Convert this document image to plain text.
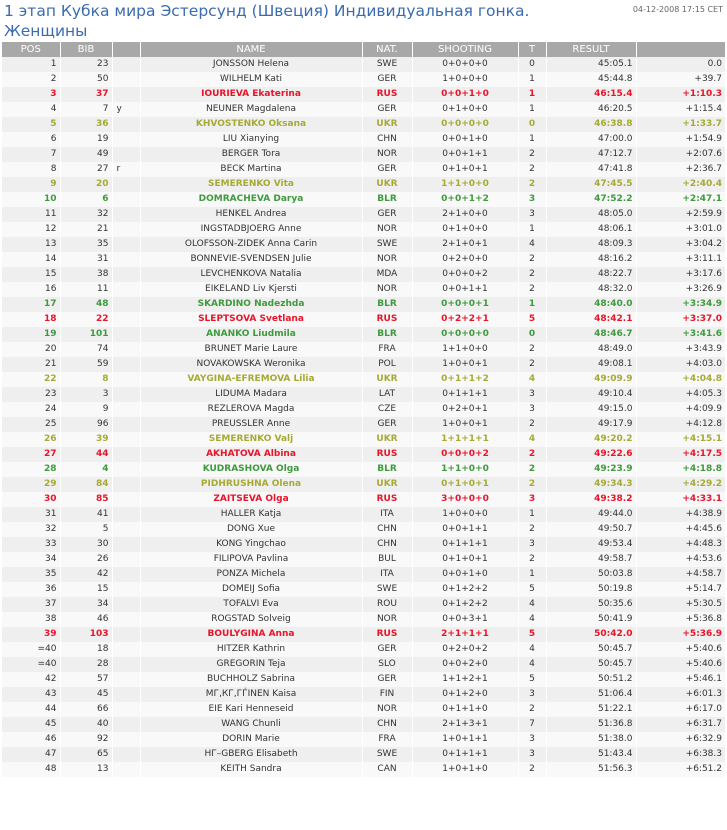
1 этап Кубка мира Эстерсунд (Швеция) Индивидуальная гонка. Женщины
04-12-2008 17:15 CET
POS	BIB		NAME	NAT.	SHOOTING	T	RESULT	
1	23		JONSSON Helena	SWE	0+0+0+0	0	45:05.1	0.0
2	50		WILHELM Kati	GER	1+0+0+0	1	45:44.8	+39.7
3	37		IOURIEVA Ekaterina	RUS	0+0+1+0	1	46:15.4	+1:10.3
4	7	y	NEUNER Magdalena	GER	0+1+0+0	1	46:20.5	+1:15.4
5	36		KHVOSTENKO Oksana	UKR	0+0+0+0	0	46:38.8	+1:33.7
6	19		LIU Xianying	CHN	0+0+1+0	1	47:00.0	+1:54.9
7	49		BERGER Tora	NOR	0+0+1+1	2	47:12.7	+2:07.6
8	27	r	BECK Martina	GER	0+1+0+1	2	47:41.8	+2:36.7
9	20		SEMERENKO Vita	UKR	1+1+0+0	2	47:45.5	+2:40.4
10	6		DOMRACHEVA Darya	BLR	0+0+1+2	3	47:52.2	+2:47.1
11	32		HENKEL Andrea	GER	2+1+0+0	3	48:05.0	+2:59.9
12	21		INGSTADBJOERG Anne	NOR	0+1+0+0	1	48:06.1	+3:01.0
13	35		OLOFSSON-ZIDEK Anna Carin	SWE	2+1+0+1	4	48:09.3	+3:04.2
14	31		BONNEVIE-SVENDSEN Julie	NOR	0+2+0+0	2	48:16.2	+3:11.1
15	38		LEVCHENKOVA Natalia	MDA	0+0+0+2	2	48:22.7	+3:17.6
16	11		EIKELAND Liv Kjersti	NOR	0+0+1+1	2	48:32.0	+3:26.9
17	48		SKARDINO Nadezhda	BLR	0+0+0+1	1	48:40.0	+3:34.9
18	22		SLEPTSOVA Svetlana	RUS	0+2+2+1	5	48:42.1	+3:37.0
19	101		ANANKO Liudmila	BLR	0+0+0+0	0	48:46.7	+3:41.6
20	74		BRUNET Marie Laure	FRA	1+1+0+0	2	48:49.0	+3:43.9
21	59		NOVAKOWSKA Weronika	POL	1+0+0+1	2	49:08.1	+4:03.0
22	8		VAYGINA-EFREMOVA Lilia	UKR	0+1+1+2	4	49:09.9	+4:04.8
23	3		LIDUMA Madara	LAT	0+1+1+1	3	49:10.4	+4:05.3
24	9		REZLEROVA Magda	CZE	0+2+0+1	3	49:15.0	+4:09.9
25	96		PREUSSLER Anne	GER	1+0+0+1	2	49:17.9	+4:12.8
26	39		SEMERENKO Valj	UKR	1+1+1+1	4	49:20.2	+4:15.1
27	44		AKHATOVA Albina	RUS	0+0+0+2	2	49:22.6	+4:17.5
28	4		KUDRASHOVA Olga	BLR	1+1+0+0	2	49:23.9	+4:18.8
29	84		PIDHRUSHNA Olena	UKR	0+1+0+1	2	49:34.3	+4:29.2
30	85		ZAITSEVA Olga	RUS	3+0+0+0	3	49:38.2	+4:33.1
31	41		HALLER Katja	ITA	1+0+0+0	1	49:44.0	+4:38.9
32	5		DONG Xue	CHN	0+0+1+1	2	49:50.7	+4:45.6
33	30		KONG Yingchao	CHN	0+1+1+1	3	49:53.4	+4:48.3
34	26		FILIPOVA Pavlina	BUL	0+1+0+1	2	49:58.7	+4:53.6
35	42		PONZA Michela	ITA	0+0+1+0	1	50:03.8	+4:58.7
36	15		DOMEIJ Sofia	SWE	0+1+2+2	5	50:19.8	+5:14.7
37	34		TOFALVI Eva	ROU	0+1+2+2	4	50:35.6	+5:30.5
38	46		ROGSTAD Solveig	NOR	0+0+3+1	4	50:41.9	+5:36.8
39	103		BOULYGINA Anna	RUS	2+1+1+1	5	50:42.0	+5:36.9
=40	18		HITZER Kathrin	GER	0+2+0+2	4	50:45.7	+5:40.6
=40	28		GREGORIN Teja	SLO	0+0+2+0	4	50:45.7	+5:40.6
42	57		BUCHHOLZ Sabrina	GER	1+1+2+1	5	50:51.2	+5:46.1
43	45		МГ‚КГ‚ГЃINEN Kaisa	FIN	0+1+2+0	3	51:06.4	+6:01.3
44	66		EIE Kari Henneseid	NOR	0+1+1+0	2	51:22.1	+6:17.0
45	40		WANG Chunli	CHN	2+1+3+1	7	51:36.8	+6:31.7
46	92		DORIN Marie	FRA	1+0+1+1	3	51:38.0	+6:32.9
47	65		НГ–GBERG Elisabeth	SWE	0+1+1+1	3	51:43.4	+6:38.3
48	13		KEITH Sandra	CAN	1+0+1+0	2	51:56.3	+6:51.2
